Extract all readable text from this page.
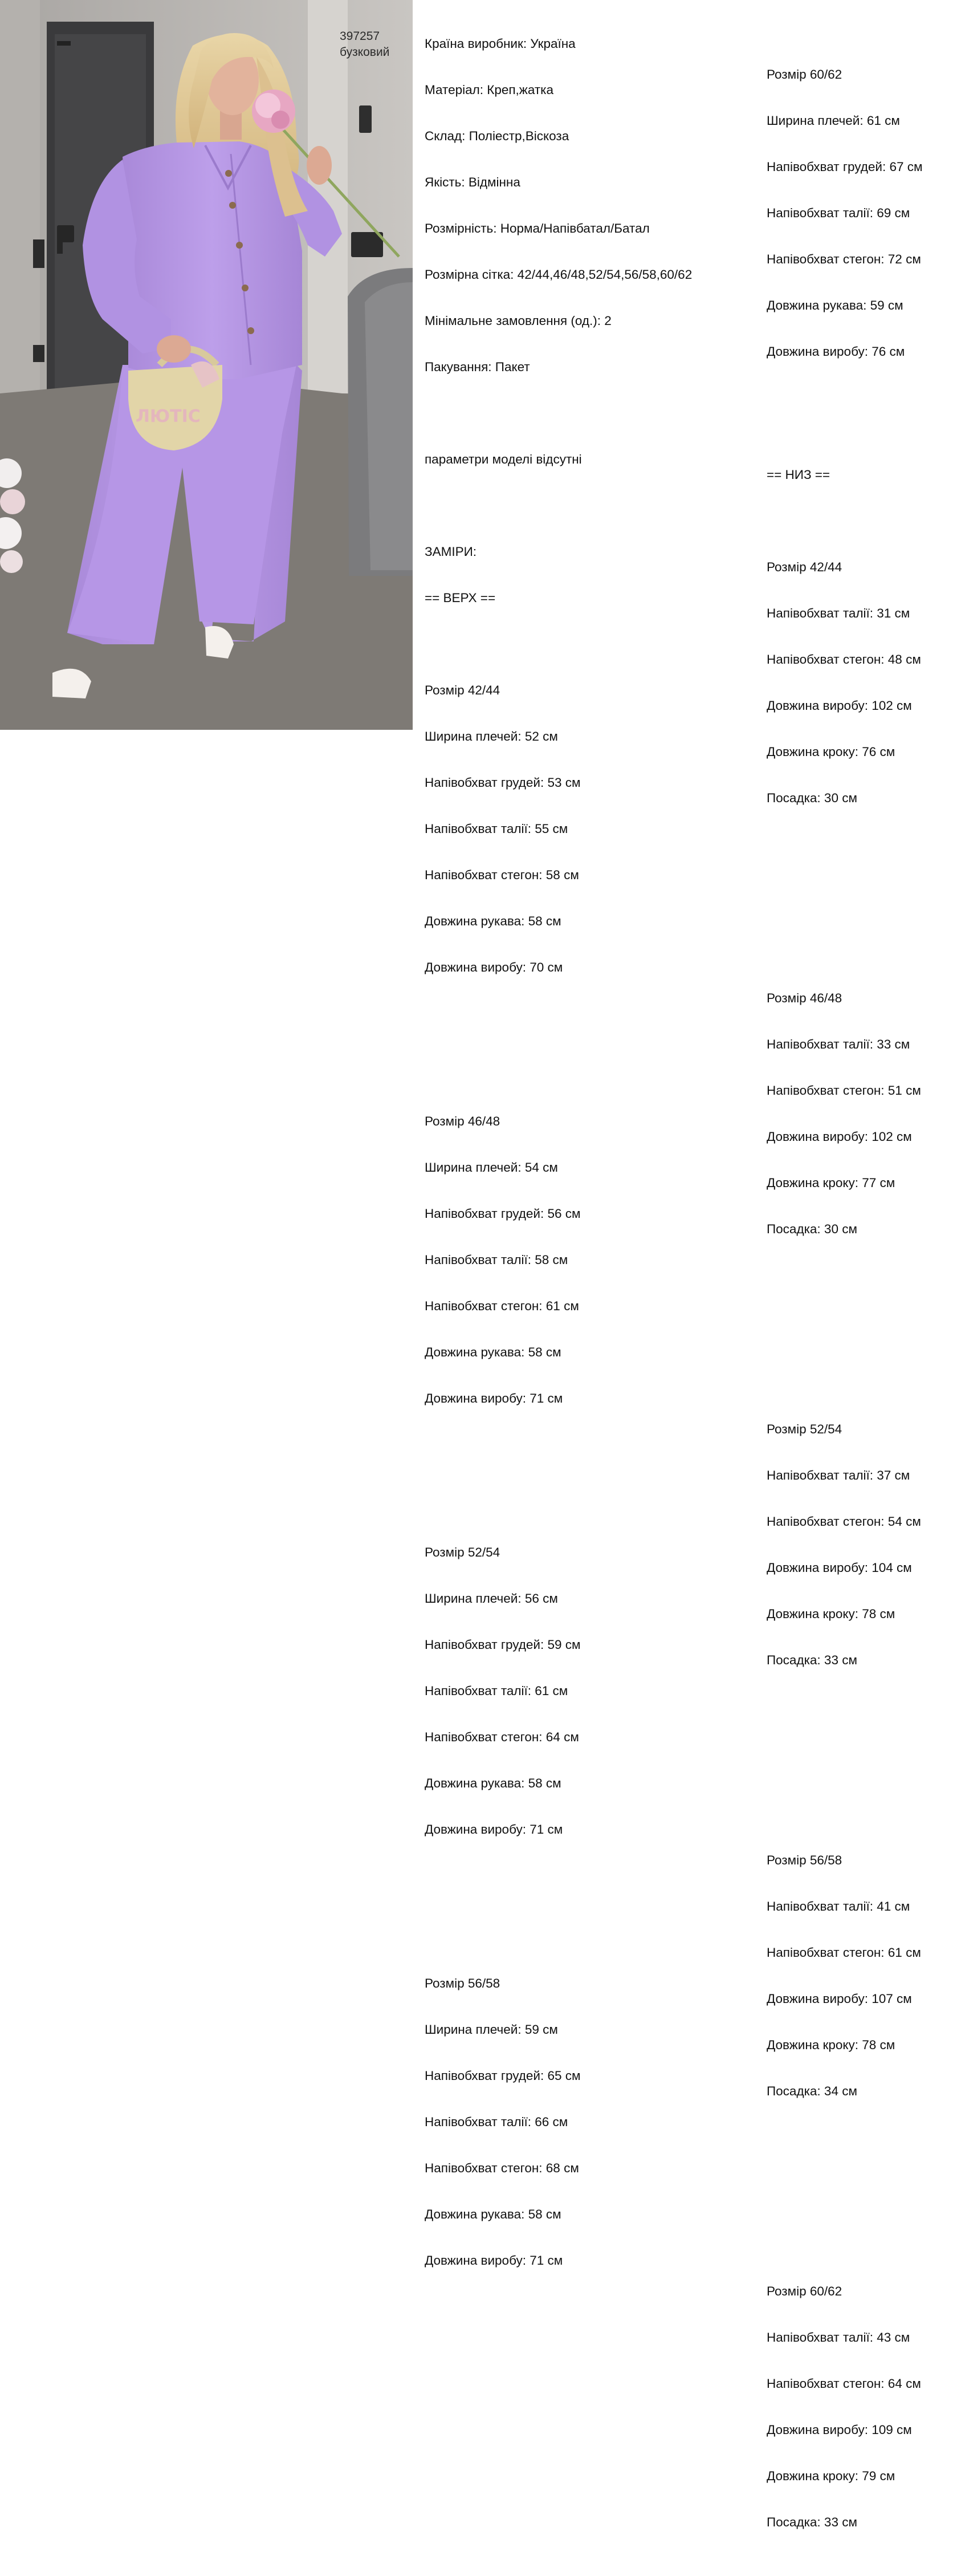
ЛЮТІС
397257
бузковий

Країна виробник: Україна

Матеріал: Креп,жатка

Склад: Поліестр,Віскоза

Якість: Відмінна

Розмірність: Норма/Напівбатал/Батал

Розмірна сітка: 42/44,46/48,52/54,56/58,60/62

Мінімальне замовлення (од.): 2

Пакування: Пакет

параметри моделі відсутні

ЗАМІРИ:

== ВЕРХ ==

Розмір 42/44

Ширина плечей: 52 см

Напівобхват грудей: 53 см

Напівобхват талії: 55 см

Напівобхват стегон: 58 см

Довжина рукава: 58 см

Довжина виробу: 70 см

Розмір 46/48

Ширина плечей: 54 см

Напівобхват грудей: 56 см

Напівобхват талії: 58 см

Напівобхват стегон: 61 см

Довжина рукава: 58 см

Довжина виробу: 71 см

Розмір 52/54

Ширина плечей: 56 см

Напівобхват грудей: 59 см

Напівобхват талії: 61 см

Напівобхват стегон: 64 см

Довжина рукава: 58 см

Довжина виробу: 71 см

Розмір 56/58

Ширина плечей: 59 см

Напівобхват грудей: 65 см

Напівобхват талії: 66 см

Напівобхват стегон: 68 см

Довжина рукава: 58 см

Довжина виробу: 71 см

Розмір 60/62

Ширина плечей: 61 см

Напівобхват грудей: 67 см

Напівобхват талії: 69 см

Напівобхват стегон: 72 см

Довжина рукава: 59 см

Довжина виробу: 76 см

== НИЗ ==

Розмір 42/44

Напівобхват талії: 31 см

Напівобхват стегон: 48 см

Довжина виробу: 102 см

Довжина кроку: 76 см

Посадка: 30 см

Розмір 46/48

Напівобхват талії: 33 см

Напівобхват стегон: 51 см

Довжина виробу: 102 см

Довжина кроку: 77 см

Посадка: 30 см

Розмір 52/54

Напівобхват талії: 37 см

Напівобхват стегон: 54 см

Довжина виробу: 104 см

Довжина кроку: 78 см

Посадка: 33 см

Розмір 56/58

Напівобхват талії: 41 см

Напівобхват стегон: 61 см

Довжина виробу: 107 см

Довжина кроку: 78 см

Посадка: 34 см

Розмір 60/62

Напівобхват талії: 43 см

Напівобхват стегон: 64 см

Довжина виробу: 109 см

Довжина кроку: 79 см

Посадка: 33 см
